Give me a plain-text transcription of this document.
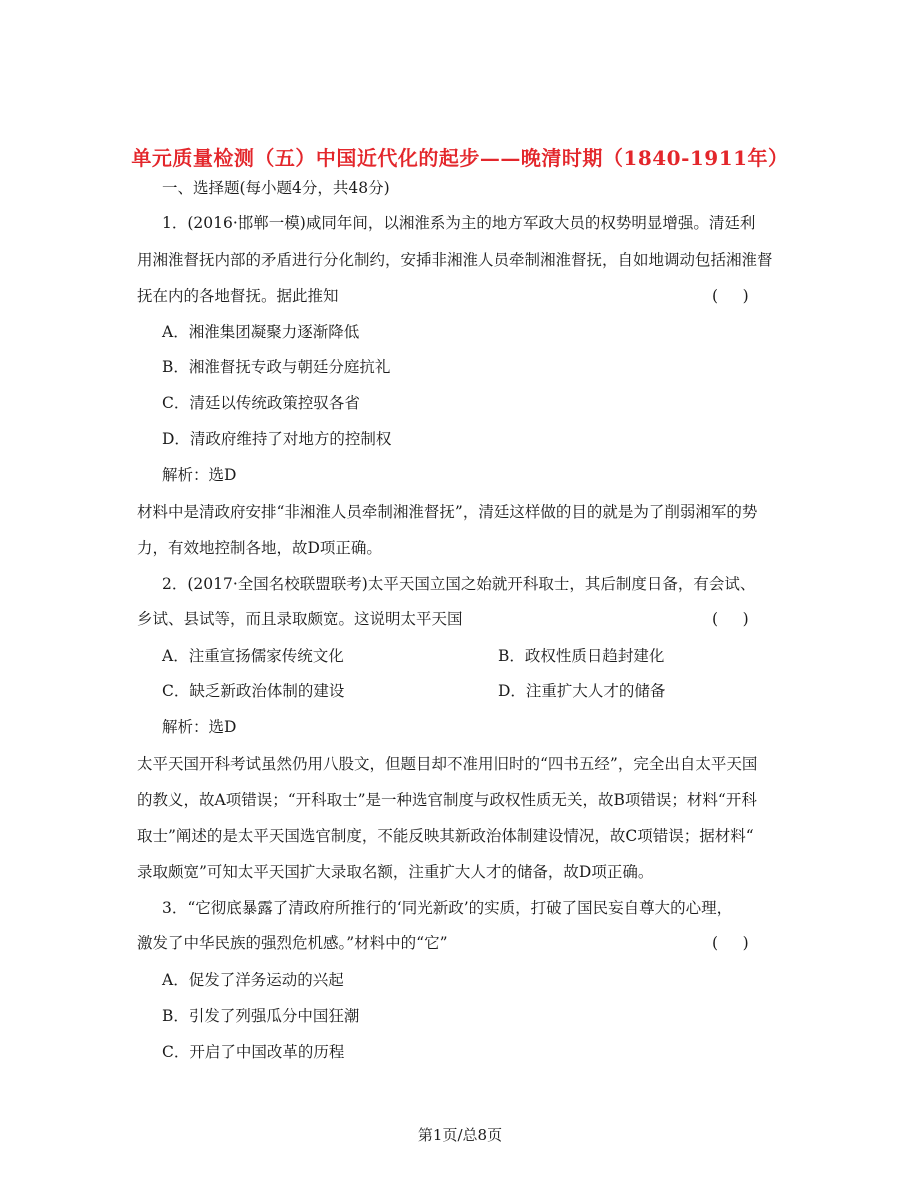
单元质量检测（五）中国近代化的起步——晚清时期（1840-1911年）
一、选择题(每小题4分，共48分)
1．(2016·邯郸一模)咸同年间，以湘淮系为主的地方军政大员的权势明显增强。清廷利
用湘淮督抚内部的矛盾进行分化制约，安揷非湘淮人员牵制湘淮督抚，自如地调动包括湘淮督
抚在内的各地督抚。据此推知	(     )
A．湘淮集团凝聚力逐渐降低
B．湘淮督抚专政与朝廷分庭抗礼
C．清廷以传统政策控驭各省
D．清政府维持了对地方的控制权
解析：选D
材料中是清政府安排“非湘淮人员牵制湘淮督抚”，清廷这样做的目的就是为了削弱湘军的势
力，有效地控制各地，故D项正确。
2．(2017·全国名校联盟联考)太平天国立国之始就开科取士，其后制度日备，有会试、
乡试、县试等，而且录取颇宽。这说明太平天国	(     )
A．注重宣扬儒家传统文化	B．政权性质日趋封建化
C．缺乏新政治体制的建设	D．注重扩大人才的储备
解析：选D
太平天国开科考试虽然仍用八股文，但题目却不准用旧时的“四书五经”，完全出自太平天国
的教义，故A项错误；“开科取士”是一种选官制度与政权性质无关，故B项错误；材料“开科
取士”阐述的是太平天国选官制度，不能反映其新政治体制建设情况，故C项错误；据材料“
录取颇宽”可知太平天国扩大录取名额，注重扩大人才的储备，故D项正确。
3．“它彻底暴露了清政府所推行的‘同光新政’的实质，打破了国民妄自尊大的心理，
激发了中华民族的强烈危机感。”材料中的“它”	(     )
A．促发了洋务运动的兴起
B．引发了列强瓜分中国狂潮
C．开启了中国改革的历程
第1页/总8页
